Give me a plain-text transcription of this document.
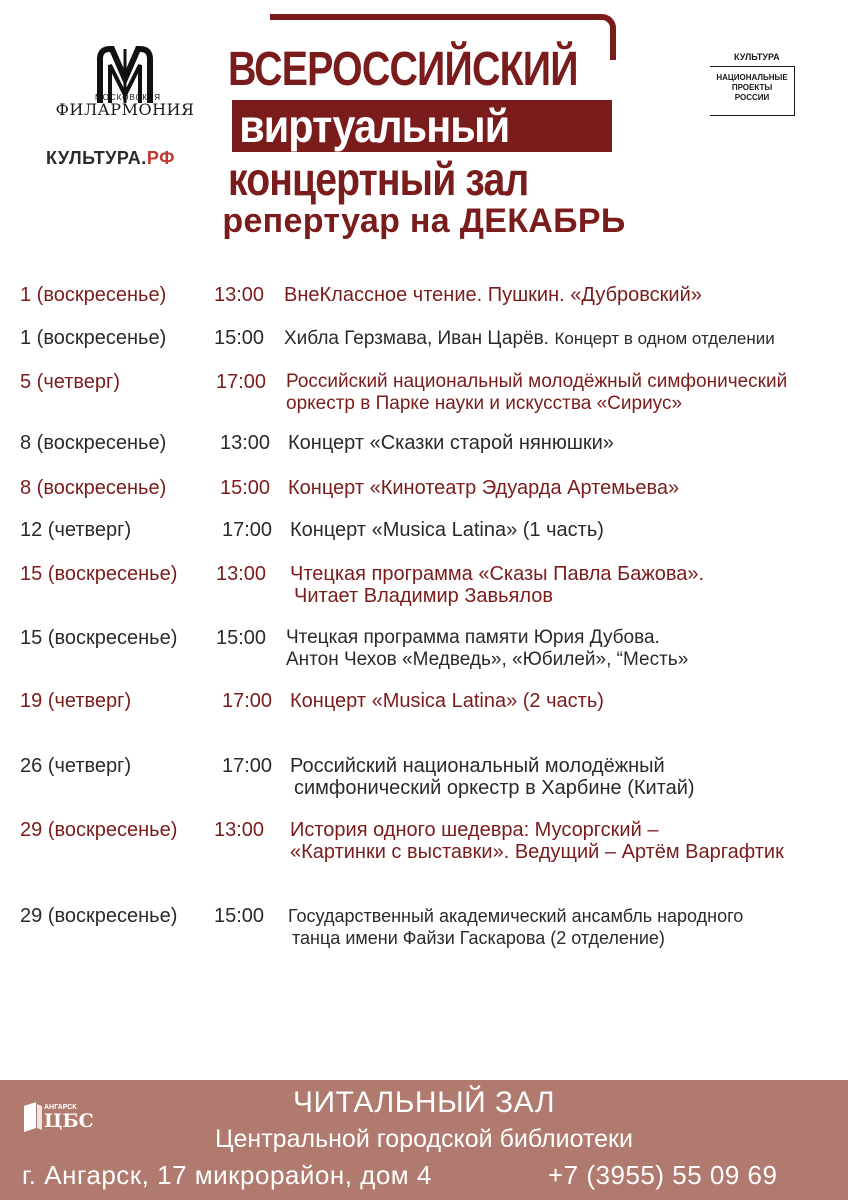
МОСКОВСКАЯ
ФИЛАРМОНИЯ
КУЛЬТУРА.РФ
ВСЕРОССИЙСКИЙ
виртуальный
концертный зал
КУЛЬТУРА
НАЦИОНАЛЬНЫЕ
ПРОЕКТЫ
РОССИИ
репертуар на ДЕКАБРЬ
1 (воскресенье) 13:00 ВнеКлассное чтение. Пушкин. «Дубровский»
1 (воскресенье) 15:00 Хибла Герзмава, Иван Царёв. Концерт в одном отделении
5 (четверг)	17:00 Российский национальный молодёжный симфонический
оркестр в Парке науки и искусства «Сириус»
8 (воскресенье)	13:00 Концерт «Сказки старой нянюшки»
8 (воскресенье)	15:00 Концерт «Кинотеатр Эдуарда Артемьева»
12 (четверг)	17:00 Концерт «Musica Latina» (1 часть)
15 (воскресенье) 13:00 Чтецкая программа «Сказы Павла Бажова».
Читает Владимир Завьялов
15 (воскресенье) 15:00 Чтецкая программа памяти Юрия Дубова.
Антон Чехов «Медведь», «Юбилей», “Месть»
19 (четверг)	17:00 Концерт «Musica Latina» (2 часть)
26 (четверг)	17:00 Российский национальный молодёжный
симфонический оркестр в Харбине (Китай)
29 (воскресенье) 13:00 История одного шедевра: Мусоргский –
«Картинки с выставки». Ведущий – Артём Варгафтик
29 (воскресенье) 15:00 Государственный академический ансамбль народного
танца имени Файзи Гаскарова (2 отделение)
АНГАРСК
ЦБС
ЧИТАЛЬНЫЙ ЗАЛ
Центральной городской библиотеки
г. Ангарск, 17 микрорайон, дом 4	+7 (3955) 55 09 69
